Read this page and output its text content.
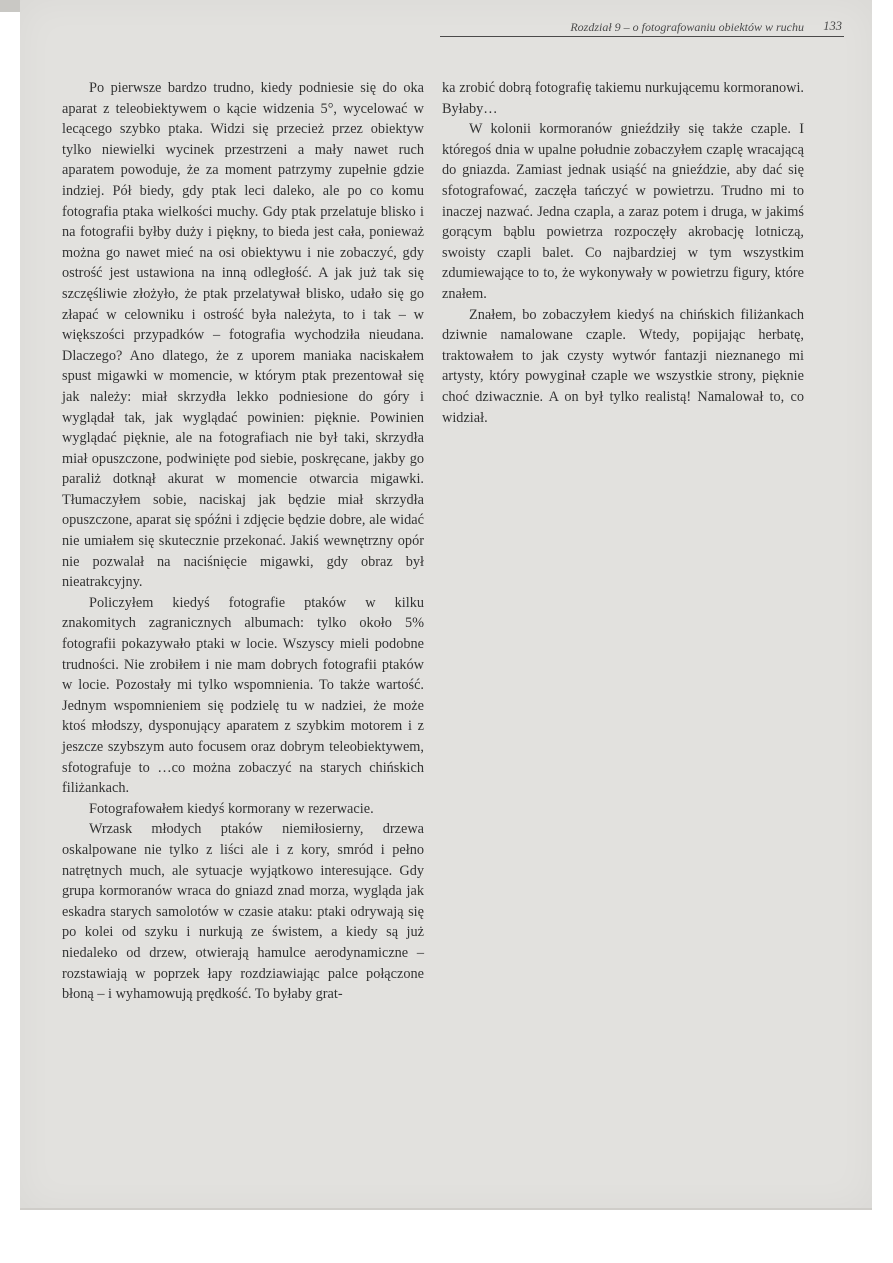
Rozdział 9 – o fotografowaniu obiektów w ruchu 133

Po pierwsze bardzo trudno, kiedy podniesie się do oka aparat z teleobiektywem o kącie widzenia 5°, wycelować w lecącego szybko ptaka. Widzi się przecież przez obiektyw tylko niewielki wycinek przestrzeni a mały nawet ruch aparatem powoduje, że za moment patrzymy zupełnie gdzie indziej. Pół biedy, gdy ptak leci daleko, ale po co komu fotografia ptaka wielkości muchy. Gdy ptak przelatuje blisko i na fotografii byłby duży i piękny, to bieda jest cała, ponieważ można go nawet mieć na osi obiektywu i nie zobaczyć, gdy ostrość jest ustawiona na inną odległość. A jak już tak się szczęśliwie złożyło, że ptak przelatywał blisko, udało się go złapać w celowniku i ostrość była należyta, to i tak – w większości przypadków – fotografia wychodziła nieudana. Dlaczego? Ano dlatego, że z uporem maniaka naciskałem spust migawki w momencie, w którym ptak prezentował się jak należy: miał skrzydła lekko podniesione do góry i wyglądał tak, jak wyglądać powinien: pięknie. Powinien wyglądać pięknie, ale na fotografiach nie był taki, skrzydła miał opuszczone, podwinięte pod siebie, poskręcane, jakby go paraliż dotknął akurat w momencie otwarcia migawki. Tłumaczyłem sobie, naciskaj jak będzie miał skrzydła opuszczone, aparat się spóźni i zdjęcie będzie dobre, ale widać nie umiałem się skutecznie przekonać. Jakiś wewnętrzny opór nie pozwalał na naciśnięcie migawki, gdy obraz był nieatrakcyjny.

Policzyłem kiedyś fotografie ptaków w kilku znakomitych zagranicznych albumach: tylko około 5% fotografii pokazywało ptaki w locie. Wszyscy mieli podobne trudności. Nie zrobiłem i nie mam dobrych fotografii ptaków w locie. Pozostały mi tylko wspomnienia. To także wartość. Jednym wspomnieniem się podzielę tu w nadziei, że może ktoś młodszy, dysponujący aparatem z szybkim motorem i z jeszcze szybszym auto focusem oraz dobrym teleobiektywem, sfotografuje to …co można zobaczyć na starych chińskich filiżankach.

Fotografowałem kiedyś kormorany w rezerwacie.

Wrzask młodych ptaków niemiłosierny, drzewa oskalpowane nie tylko z liści ale i z kory, smród i pełno natrętnych much, ale sytuacje wyjątkowo interesujące. Gdy grupa kormoranów wraca do gniazd znad morza, wygląda jak eskadra starych samolotów w czasie ataku: ptaki odrywają się po kolei od szyku i nurkują ze świstem, a kiedy są już niedaleko od drzew, otwierają hamulce aerodynamiczne – rozstawiają w poprzek łapy rozdziawiając palce połączone błoną – i wyhamowują prędkość. To byłaby grat-

ka zrobić dobrą fotografię takiemu nurkującemu kormoranowi. Byłaby…

W kolonii kormoranów gnieździły się także czaple. I któregoś dnia w upalne południe zobaczyłem czaplę wracającą do gniazda. Zamiast jednak usiąść na gnieździe, aby dać się sfotografować, zaczęła tańczyć w powietrzu. Trudno mi to inaczej nazwać. Jedna czapla, a zaraz potem i druga, w jakimś gorącym bąblu powietrza rozpoczęły akrobację lotniczą, swoisty czapli balet. Co najbardziej w tym wszystkim zdumiewające to to, że wykonywały w powietrzu figury, które znałem.

Znałem, bo zobaczyłem kiedyś na chińskich filiżankach dziwnie namalowane czaple. Wtedy, popijając herbatę, traktowałem to jak czysty wytwór fantazji nieznanego mi artysty, który powyginał czaple we wszystkie strony, pięknie choć dziwacznie. A on był tylko realistą! Namalował to, co widział.
